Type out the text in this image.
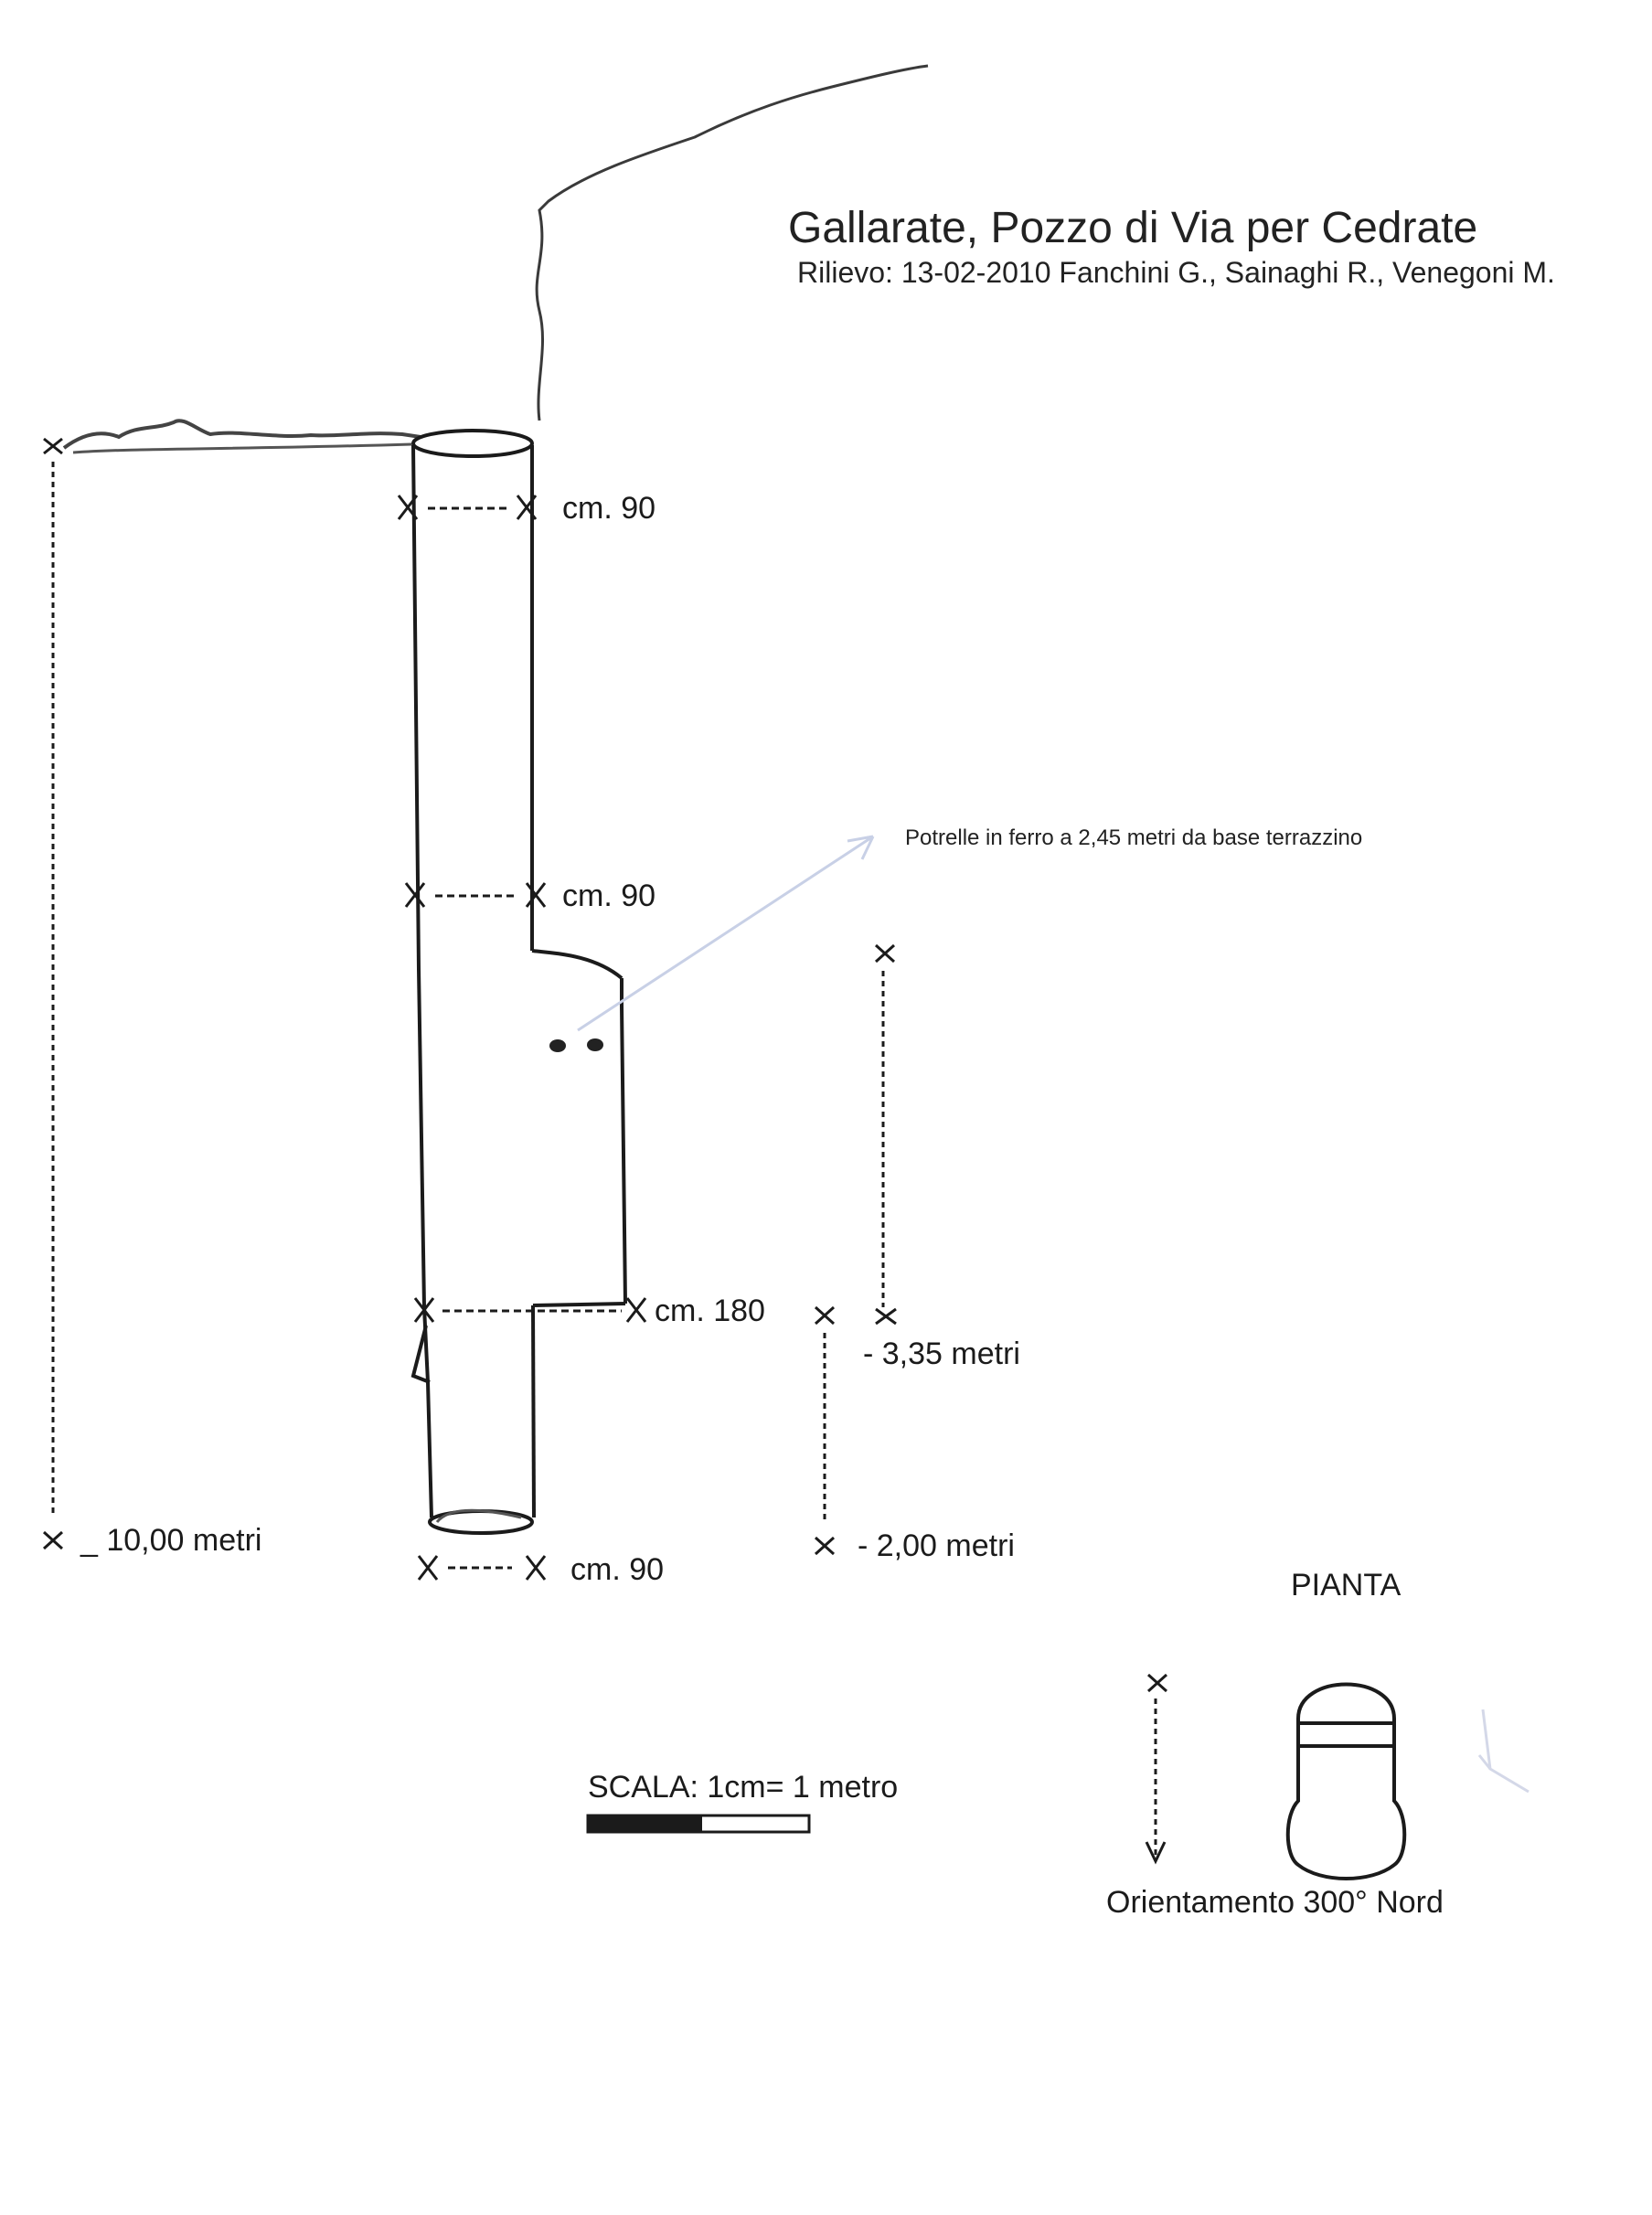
Gallarate, Pozzo di Via per Cedrate
Rilievo: 13-02-2010 Fanchini G., Sainaghi R., Venegoni M.
cm. 90
cm. 90
cm. 180
cm. 90
_ 10,00 metri
- 3,35 metri
- 2,00 metri
Potrelle in ferro a 2,45 metri da base terrazzino
SCALA: 1cm= 1 metro
PIANTA
Orientamento 300° Nord
